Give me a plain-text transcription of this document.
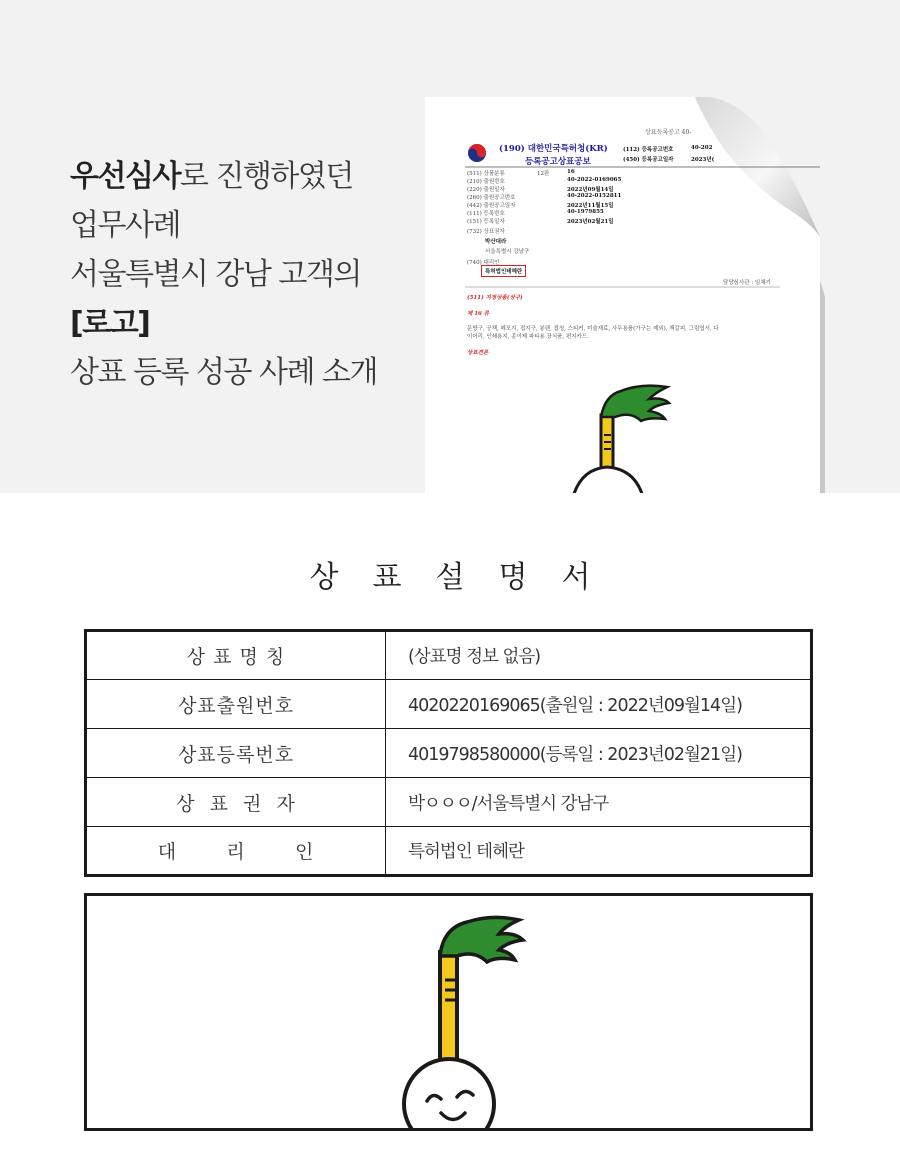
우선심사로 진행하였던
업무사례
서울특별시 강남 고객의
[로고]
상표 등록 성공 사례 소개
상표등록공고 40-
(190) 대한민국특허청(KR)
등록공고상표공보
(112) 등록공고번호	40-202
(450) 등록공고일자	2023년(
(511) 상품분류	12판	16
(210) 출원번호	40-2022-0169065
(220) 출원일자	2022년09월14일
(260) 출원공고번호	40-2022-0152811
(442) 출원공고일자	2022년11월15일
(111) 등록번호	40-1979855
(151) 등록일자	2023년02월21일
(732) 상표권자
박산대라
서울특별시 강남구
(740) 대리인
특허법인테헤란
담당심사관 : 임채기
(511) 지정상품(상구)
제 16 류
문방구, 공책, 메모지, 접지구, 봉랜, 접청, 스티커, 미술재료, 사무용품(가구는 제외), 책갈피, 그림엽서, 다
이어리, 인쇄용지, 종이제 파티용 장식품, 편지카드.
상표견본
상표설명서
상 표 명 칭	(상표명 정보 없음)
상표출원번호	4020220169065(출원일 : 2022년09월14일)
상표등록번호	4019798580000(등록일 : 2023년02월21일)
상  표  권  자	박ㅇㅇㅇ/서울특별시 강남구
대       리       인	특허법인 테헤란
